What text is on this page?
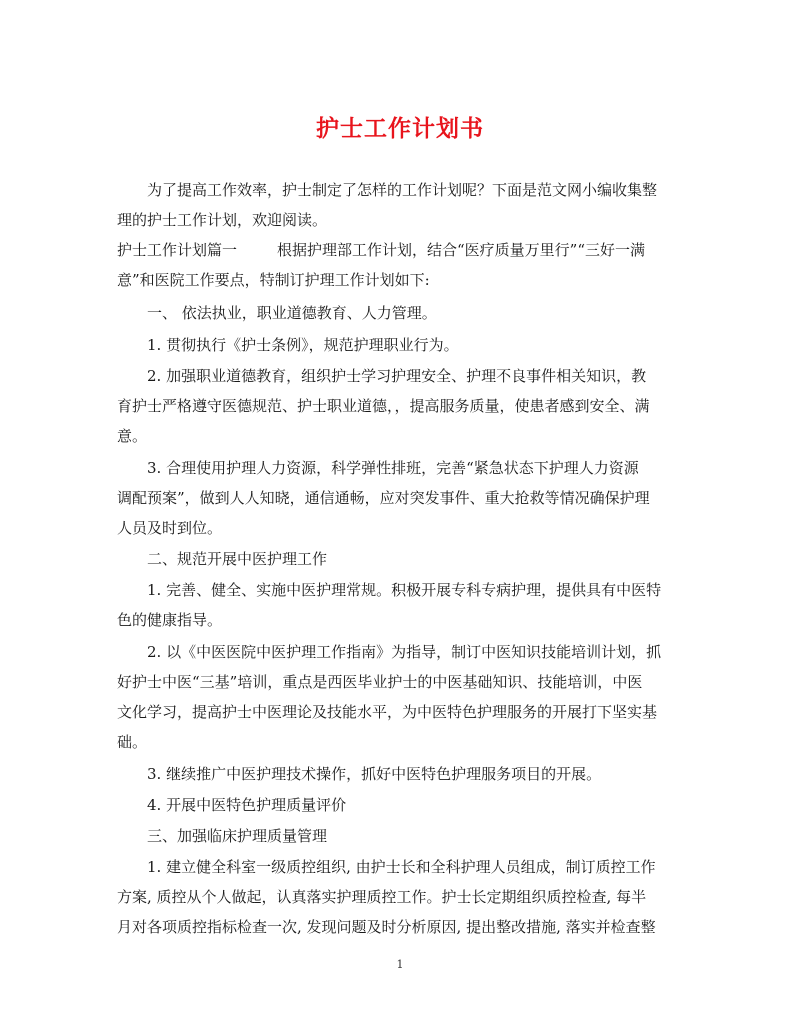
护士工作计划书
为了提高工作效率，护士制定了怎样的工作计划呢？下面是范文网小编收集整
理的护士工作计划，欢迎阅读。
护士工作计划篇一	根据护理部工作计划，结合“医疗质量万里行”“三好一满
意”和医院工作要点，特制订护理工作计划如下:
一、 依法执业，职业道德教育、人力管理。
1. 贯彻执行《护士条例》，规范护理职业行为。
2. 加强职业道德教育，组织护士学习护理安全、护理不良事件相关知识，教
育护士严格遵守医德规范、护士职业道德，，提高服务质量，使患者感到安全、满
意。
3. 合理使用护理人力资源，科学弹性排班，完善“紧急状态下护理人力资源
调配预案”，做到人人知晓，通信通畅，应对突发事件、重大抢救等情况确保护理
人员及时到位。
二、规范开展中医护理工作
1. 完善、健全、实施中医护理常规。积极开展专科专病护理，提供具有中医特
色的健康指导。
2. 以《中医医院中医护理工作指南》为指导，制订中医知识技能培训计划，抓
好护士中医“三基”培训，重点是西医毕业护士的中医基础知识、技能培训，中医
文化学习，提高护士中医理论及技能水平，为中医特色护理服务的开展打下坚实基
础。
3. 继续推广中医护理技术操作，抓好中医特色护理服务项目的开展。
4. 开展中医特色护理质量评价
三、加强临床护理质量管理
1. 建立健全科室一级质控组织, 由护士长和全科护理人员组成，制订质控工作
方案, 质控从个人做起，认真落实护理质控工作。护士长定期组织质控检查, 每半
月对各项质控指标检查一次, 发现问题及时分析原因, 提出整改措施, 落实并检查整
1
